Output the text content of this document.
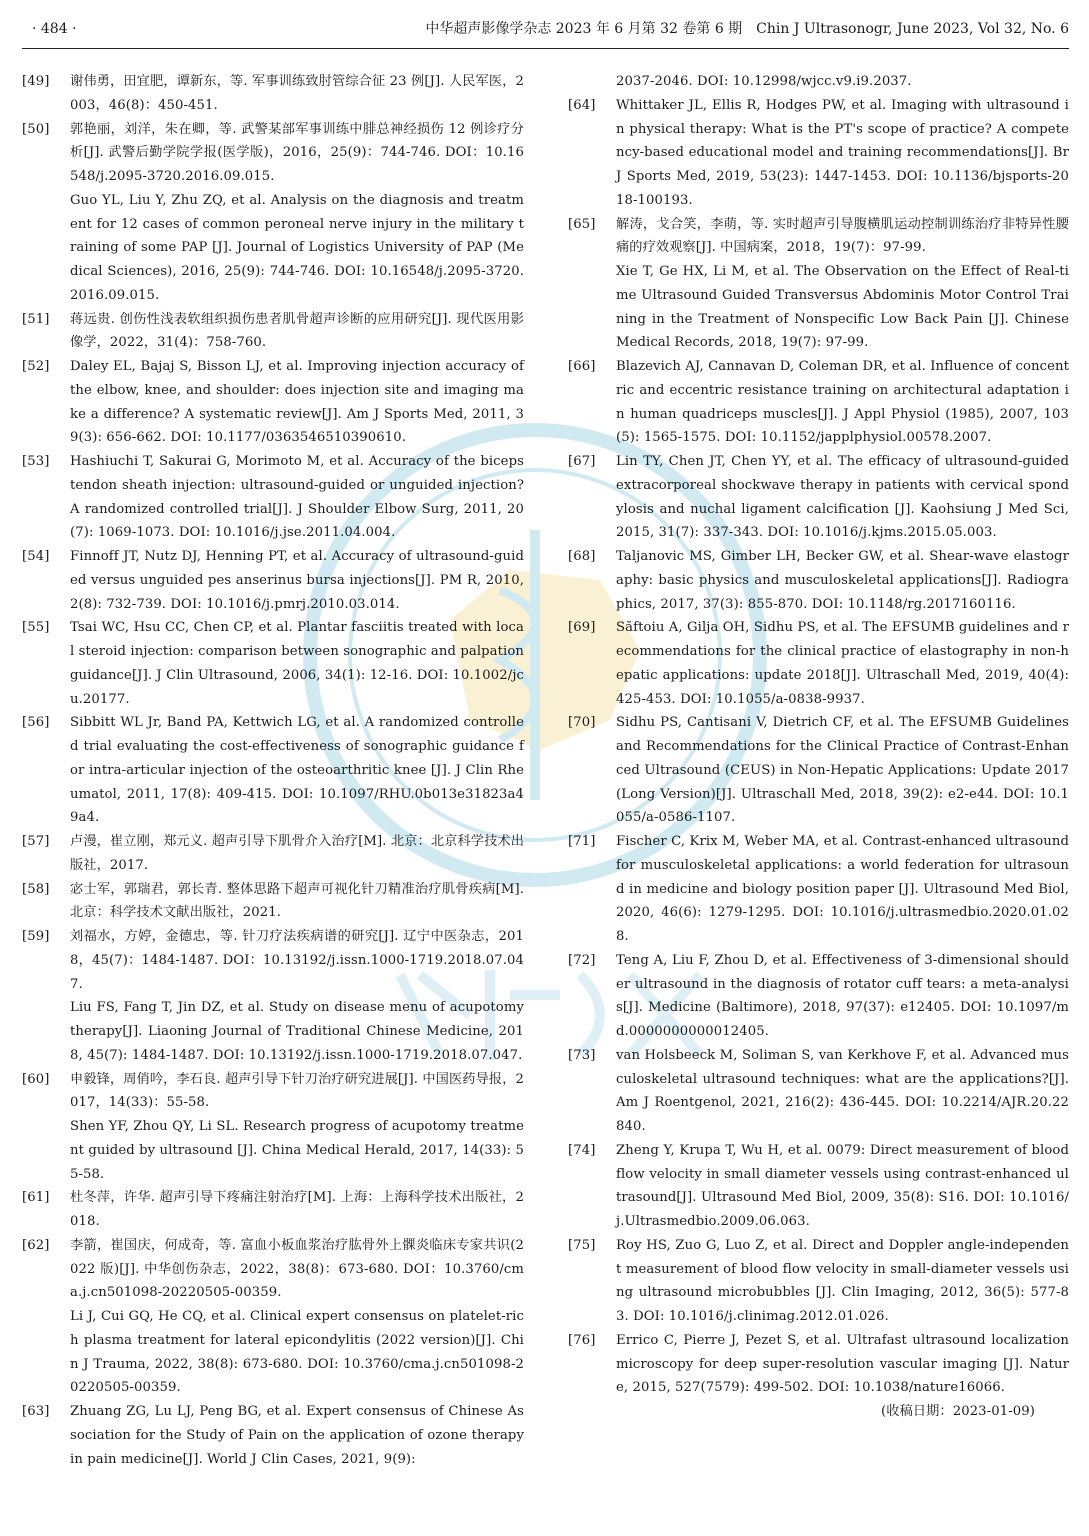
· 484 ·	中华超声影像学杂志 2023 年 6 月第 32 卷第 6 期　Chin J Ultrasonogr, June 2023, Vol 32, No. 6
[49]	谢伟勇，田宜肥，谭新东，等. 军事训练致肘管综合征 23 例[J]. 人民军医，2003，46(8)：450-451.

[50]	郭艳丽，刘洋，朱在卿，等. 武警某部军事训练中腓总神经损伤 12 例诊疗分析[J]. 武警后勤学院学报(医学版)，2016，25(9)：744-746. DOI：10.16548/j.2095-3720.2016.09.015.

Guo YL, Liu Y, Zhu ZQ, et al. Analysis on the diagnosis and treatment for 12 cases of common peroneal nerve injury in the military training of some PAP [J]. Journal of Logistics University of PAP (Medical Sciences), 2016, 25(9): 744-746. DOI: 10.16548/j.2095-3720.2016.09.015.

[51]	蒋远贵. 创伤性浅表软组织损伤患者肌骨超声诊断的应用研究[J]. 现代医用影像学，2022，31(4)：758-760.

[52]	Daley EL, Bajaj S, Bisson LJ, et al. Improving injection accuracy of the elbow, knee, and shoulder: does injection site and imaging make a difference? A systematic review[J]. Am J Sports Med, 2011, 39(3): 656-662. DOI: 10.1177/0363546510390610.

[53]	Hashiuchi T, Sakurai G, Morimoto M, et al. Accuracy of the biceps tendon sheath injection: ultrasound-guided or unguided injection? A randomized controlled trial[J]. J Shoulder Elbow Surg, 2011, 20(7): 1069-1073. DOI: 10.1016/j.jse.2011.04.004.

[54]	Finnoff JT, Nutz DJ, Henning PT, et al. Accuracy of ultrasound-guided versus unguided pes anserinus bursa injections[J]. PM R, 2010, 2(8): 732-739. DOI: 10.1016/j.pmrj.2010.03.014.

[55]	Tsai WC, Hsu CC, Chen CP, et al. Plantar fasciitis treated with local steroid injection: comparison between sonographic and palpation guidance[J]. J Clin Ultrasound, 2006, 34(1): 12-16. DOI: 10.1002/jcu.20177.

[56]	Sibbitt WL Jr, Band PA, Kettwich LG, et al. A randomized controlled trial evaluating the cost-effectiveness of sonographic guidance for intra-articular injection of the osteoarthritic knee [J]. J Clin Rheumatol, 2011, 17(8): 409-415. DOI: 10.1097/RHU.0b013e31823a49a4.

[57]	卢漫，崔立刚，郑元义. 超声引导下肌骨介入治疗[M]. 北京：北京科学技术出版社，2017.

[58]	宓士军，郭瑞君，郭长青. 整体思路下超声可视化针刀精准治疗肌骨疾病[M]. 北京：科学技术文献出版社，2021.

[59]	刘福水，方婷，金德忠，等. 针刀疗法疾病谱的研究[J]. 辽宁中医杂志，2018，45(7)：1484-1487. DOI：10.13192/j.issn.1000-1719.2018.07.047.

Liu FS, Fang T, Jin DZ, et al. Study on disease menu of acupotomy therapy[J]. Liaoning Journal of Traditional Chinese Medicine, 2018, 45(7): 1484-1487. DOI: 10.13192/j.issn.1000-1719.2018.07.047.

[60]	申毅锋，周俏吟，李石良. 超声引导下针刀治疗研究进展[J]. 中国医药导报，2017，14(33)：55-58.

Shen YF, Zhou QY, Li SL. Research progress of acupotomy treatment guided by ultrasound [J]. China Medical Herald, 2017, 14(33): 55-58.

[61]	杜冬萍，许华. 超声引导下疼痛注射治疗[M]. 上海：上海科学技术出版社，2018.

[62]	李箭，崔国庆，何成奇，等. 富血小板血浆治疗肱骨外上髁炎临床专家共识(2022 版)[J]. 中华创伤杂志，2022，38(8)：673-680. DOI：10.3760/cma.j.cn501098-20220505-00359.

Li J, Cui GQ, He CQ, et al. Clinical expert consensus on platelet-rich plasma treatment for lateral epicondylitis (2022 version)[J]. Chin J Trauma, 2022, 38(8): 673-680. DOI: 10.3760/cma.j.cn501098-20220505-00359.

[63]	Zhuang ZG, Lu LJ, Peng BG, et al. Expert consensus of Chinese Association for the Study of Pain on the application of ozone therapy in pain medicine[J]. World J Clin Cases, 2021, 9(9):

2037-2046. DOI: 10.12998/wjcc.v9.i9.2037.

[64]	Whittaker JL, Ellis R, Hodges PW, et al. Imaging with ultrasound in physical therapy: What is the PT's scope of practice? A competency-based educational model and training recommendations[J]. Br J Sports Med, 2019, 53(23): 1447-1453. DOI: 10.1136/bjsports-2018-100193.

[65]	解涛，戈合笑，李萌，等. 实时超声引导腹横肌运动控制训练治疗非特异性腰痛的疗效观察[J]. 中国病案，2018，19(7)：97-99.

Xie T, Ge HX, Li M, et al. The Observation on the Effect of Real-time Ultrasound Guided Transversus Abdominis Motor Control Training in the Treatment of Nonspecific Low Back Pain [J]. Chinese Medical Records, 2018, 19(7): 97-99.

[66]	Blazevich AJ, Cannavan D, Coleman DR, et al. Influence of concentric and eccentric resistance training on architectural adaptation in human quadriceps muscles[J]. J Appl Physiol (1985), 2007, 103(5): 1565-1575. DOI: 10.1152/japplphysiol.00578.2007.

[67]	Lin TY, Chen JT, Chen YY, et al. The efficacy of ultrasound-guided extracorporeal shockwave therapy in patients with cervical spondylosis and nuchal ligament calcification [J]. Kaohsiung J Med Sci, 2015, 31(7): 337-343. DOI: 10.1016/j.kjms.2015.05.003.

[68]	Taljanovic MS, Gimber LH, Becker GW, et al. Shear-wave elastography: basic physics and musculoskeletal applications[J]. Radiographics, 2017, 37(3): 855-870. DOI: 10.1148/rg.2017160116.

[69]	Săftoiu A, Gilja OH, Sidhu PS, et al. The EFSUMB guidelines and recommendations for the clinical practice of elastography in non-hepatic applications: update 2018[J]. Ultraschall Med, 2019, 40(4): 425-453. DOI: 10.1055/a-0838-9937.

[70]	Sidhu PS, Cantisani V, Dietrich CF, et al. The EFSUMB Guidelines and Recommendations for the Clinical Practice of Contrast-Enhanced Ultrasound (CEUS) in Non-Hepatic Applications: Update 2017 (Long Version)[J]. Ultraschall Med, 2018, 39(2): e2-e44. DOI: 10.1055/a-0586-1107.

[71]	Fischer C, Krix M, Weber MA, et al. Contrast-enhanced ultrasound for musculoskeletal applications: a world federation for ultrasound in medicine and biology position paper [J]. Ultrasound Med Biol, 2020, 46(6): 1279-1295. DOI: 10.1016/j.ultrasmedbio.2020.01.028.

[72]	Teng A, Liu F, Zhou D, et al. Effectiveness of 3-dimensional shoulder ultrasound in the diagnosis of rotator cuff tears: a meta-analysis[J]. Medicine (Baltimore), 2018, 97(37): e12405. DOI: 10.1097/md.0000000000012405.

[73]	van Holsbeeck M, Soliman S, van Kerkhove F, et al. Advanced musculoskeletal ultrasound techniques: what are the applications?[J]. Am J Roentgenol, 2021, 216(2): 436-445. DOI: 10.2214/AJR.20.22840.

[74]	Zheng Y, Krupa T, Wu H, et al. 0079: Direct measurement of blood flow velocity in small diameter vessels using contrast-enhanced ultrasound[J]. Ultrasound Med Biol, 2009, 35(8): S16. DOI: 10.1016/j.Ultrasmedbio.2009.06.063.

[75]	Roy HS, Zuo G, Luo Z, et al. Direct and Doppler angle-independent measurement of blood flow velocity in small-diameter vessels using ultrasound microbubbles [J]. Clin Imaging, 2012, 36(5): 577-83. DOI: 10.1016/j.clinimag.2012.01.026.

[76]	Errico C, Pierre J, Pezet S, et al. Ultrafast ultrasound localization microscopy for deep super-resolution vascular imaging [J]. Nature, 2015, 527(7579): 499-502. DOI: 10.1038/nature16066.

(收稿日期：2023-01-09)
